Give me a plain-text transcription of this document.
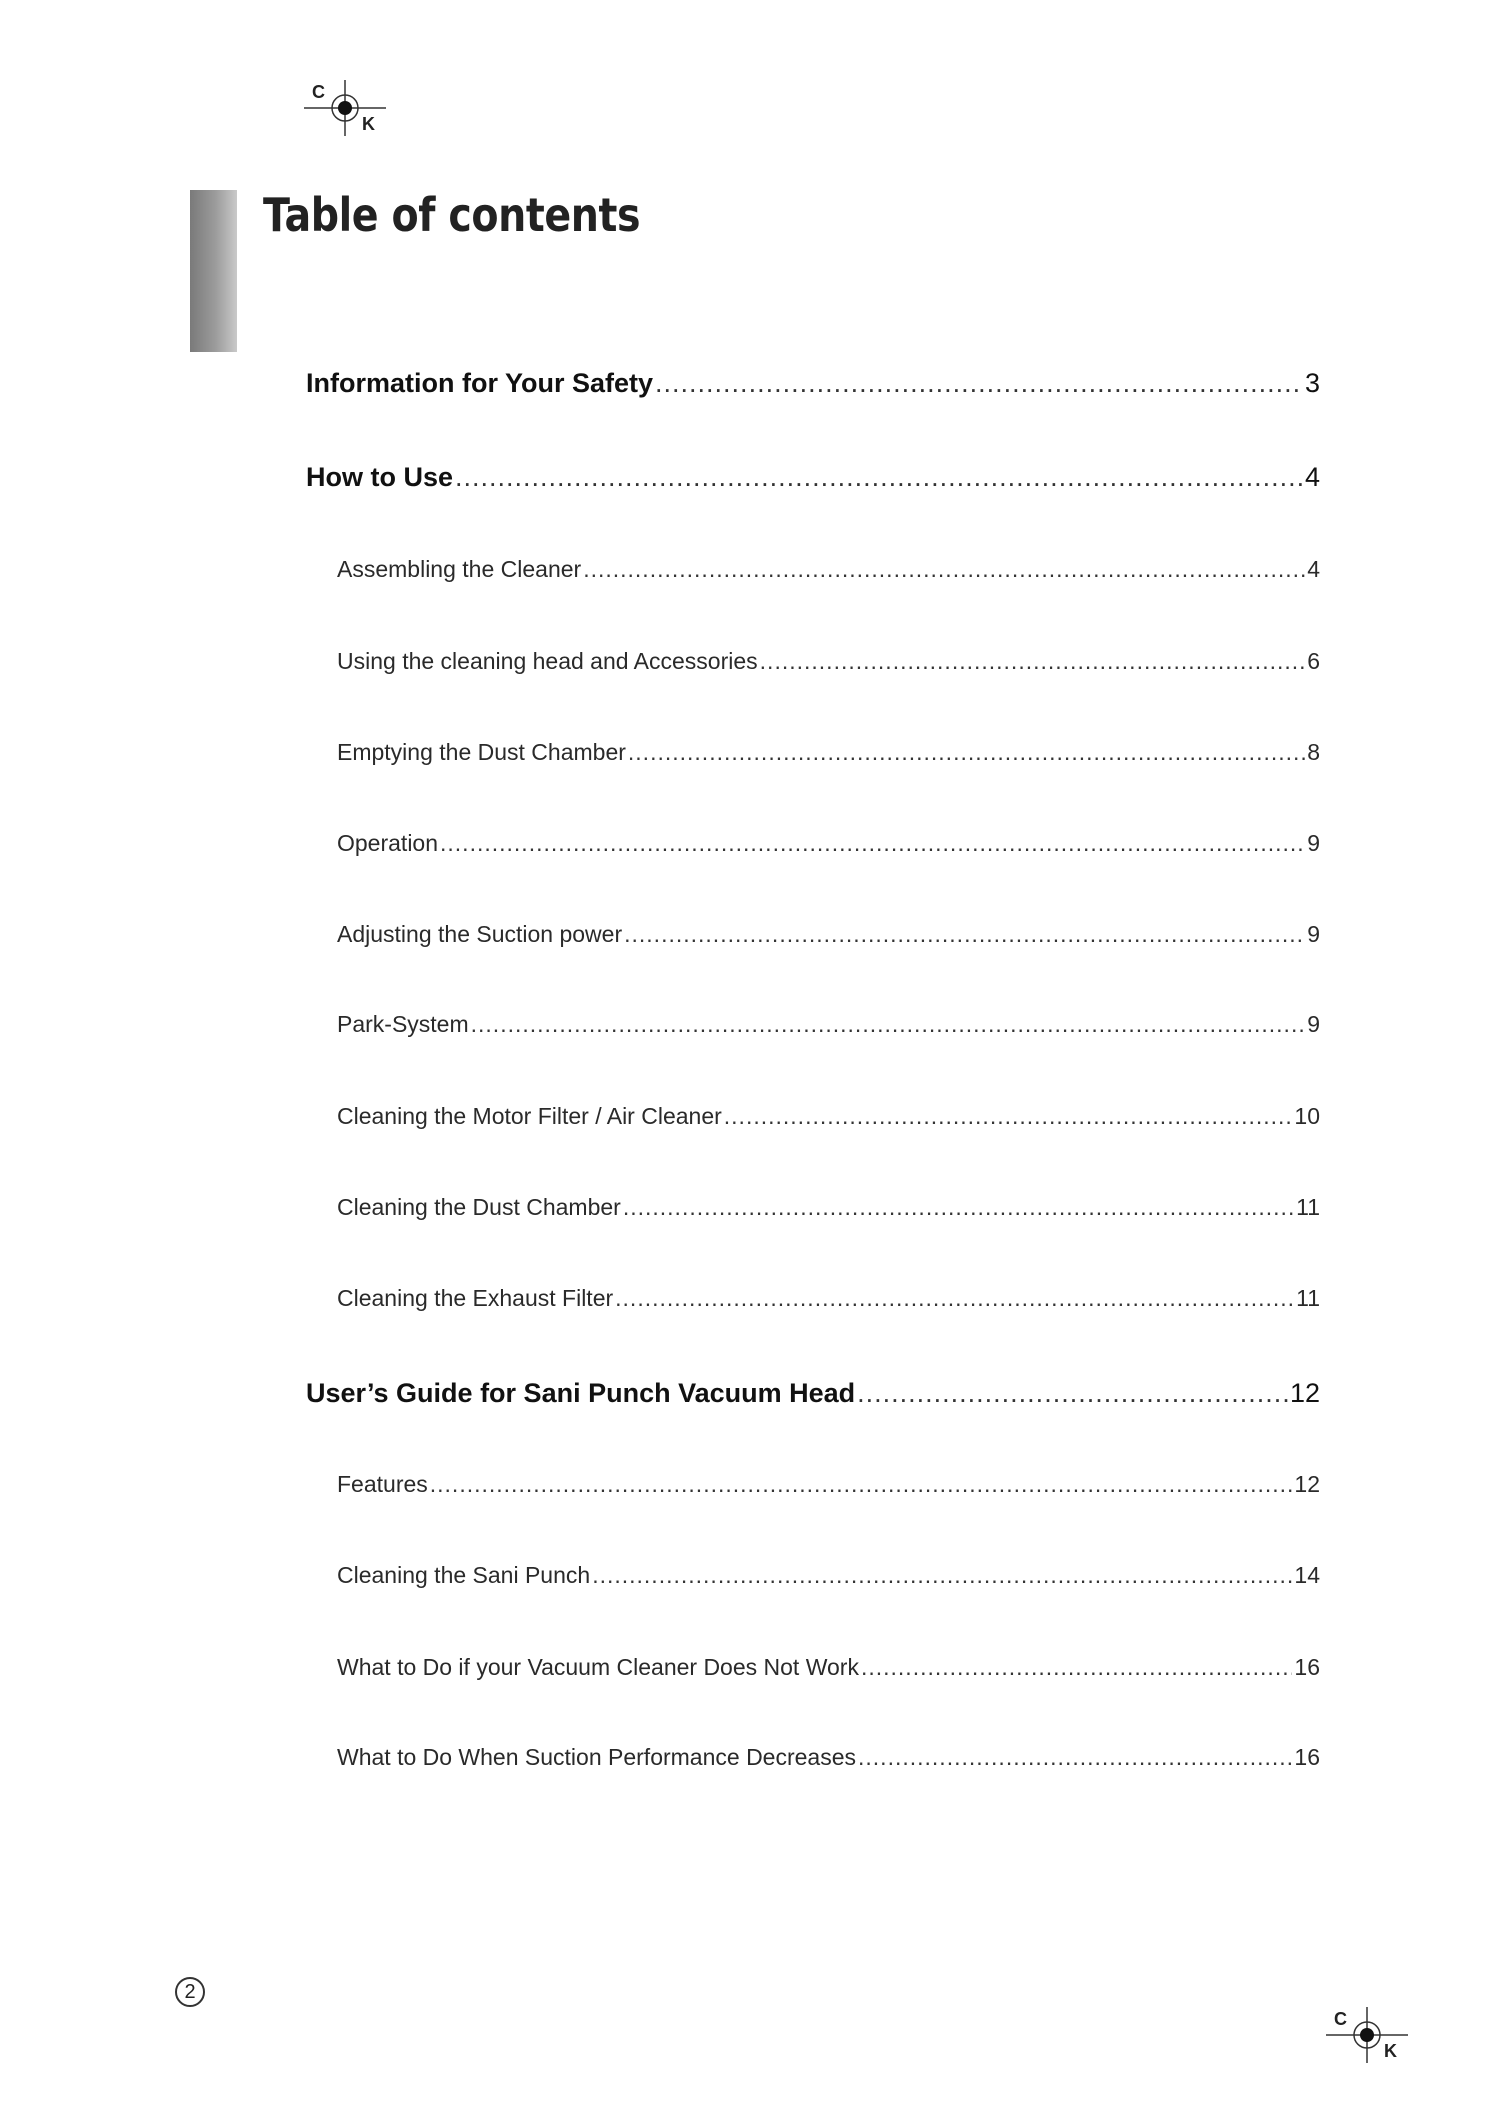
C
K
Table of contents
Information for Your Safety .....	3
How to Use .....	4
Assembling the Cleaner .....	4
Using the cleaning head and Accessories .....	6
Emptying the Dust Chamber .....	8
Operation .....	9
Adjusting the Suction power .....	9
Park-System .....	9
Cleaning the Motor Filter / Air Cleaner .....	10
Cleaning the Dust Chamber .....	11
Cleaning the Exhaust Filter .....	11
User’s Guide for Sani Punch Vacuum Head .....	12
Features .....	12
Cleaning the Sani Punch .....	14
What to Do if your Vacuum Cleaner Does Not Work .....	16
What to Do When Suction Performance Decreases .....	16
2
C
K
